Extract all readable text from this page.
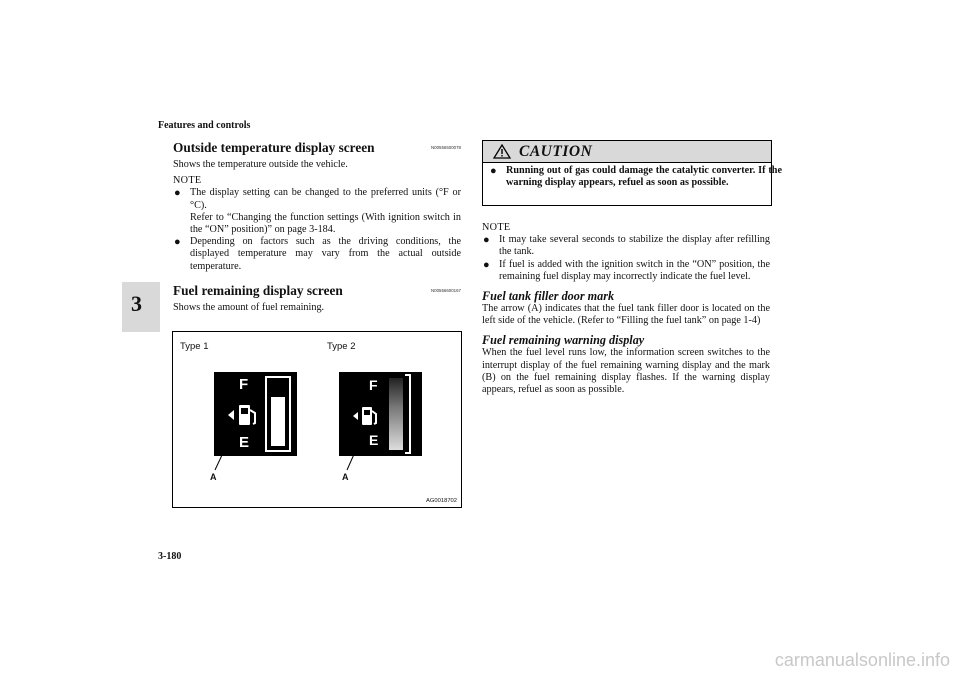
Features and controls
3
Outside temperature display screen	N00556500078

Shows the temperature outside the vehicle.

NOTE

● The display setting can be changed to the preferred units (°F or °C).
Refer to “Changing the function settings (With ignition switch in the “ON” position)” on page 3-184.

● Depending on factors such as the driving conditions, the displayed temperature may vary from the actual outside temperature.

Fuel remaining display screen	N00556600167

Shows the amount of fuel remaining.

Type 1	Type 2
F
E
F
E
A	A
AG0018702
CAUTION
● Running out of gas could damage the catalytic converter. If the warning display appears, refuel as soon as possible.

NOTE

● It may take several seconds to stabilize the display after refilling the tank.

● If fuel is added with the ignition switch in the “ON” position, the remaining fuel display may incorrectly indicate the fuel level.

Fuel tank filler door mark

The arrow (A) indicates that the fuel tank filler door is located on the left side of the vehicle. (Refer to “Filling the fuel tank” on page 1-4)

Fuel remaining warning display

When the fuel level runs low, the information screen switches to the interrupt display of the fuel remaining warning display and the mark (B) on the fuel remaining display flashes. If the warning display appears, refuel as soon as possible.

3-180
carmanualsonline.info
